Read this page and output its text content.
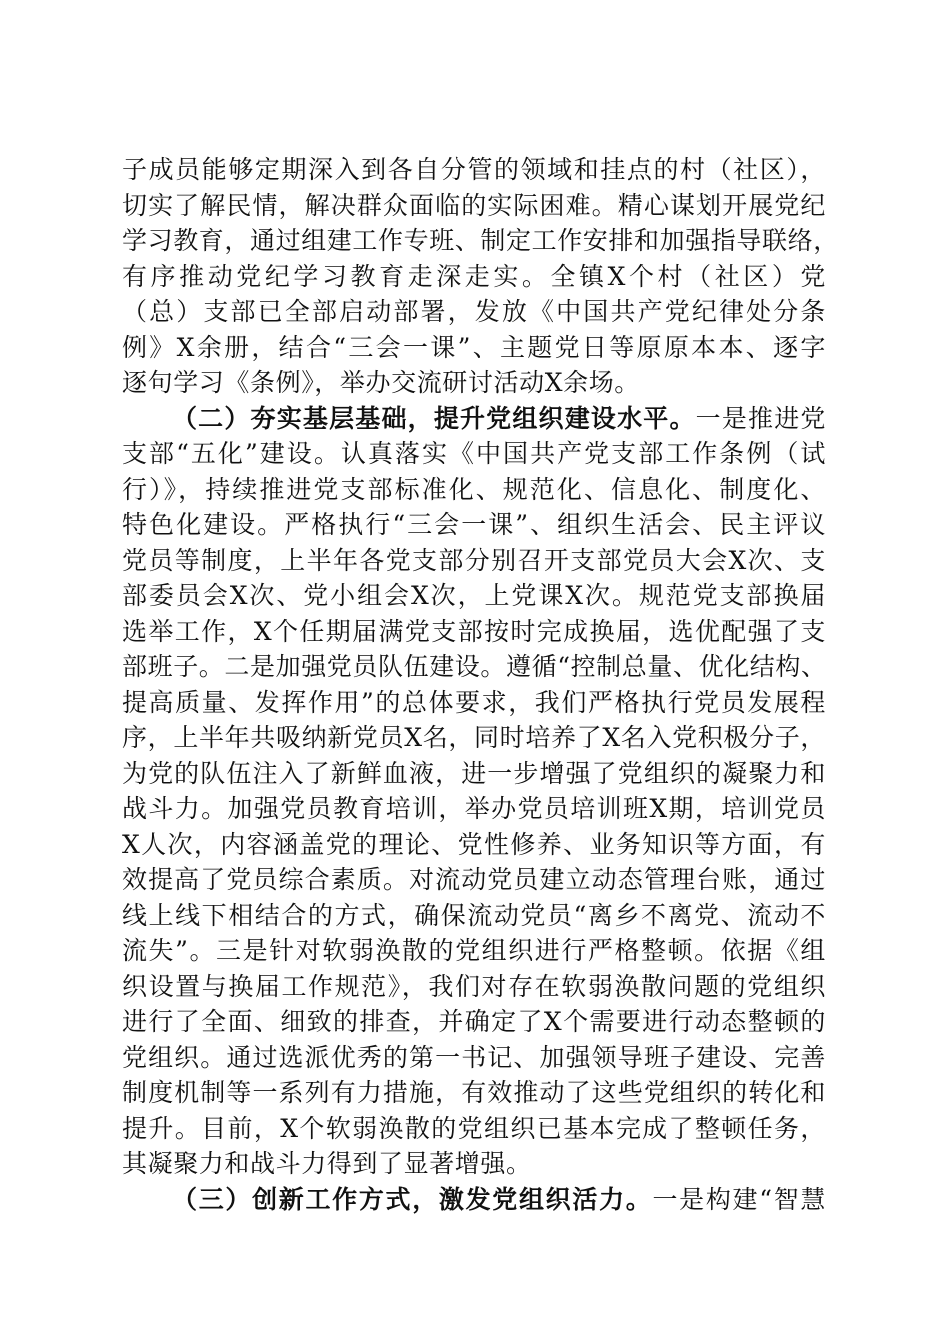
子成员能够定期深入到各自分管的领域和挂点的村（社区），
切实了解民情，解决群众面临的实际困难。精心谋划开展党纪
学习教育，通过组建工作专班、制定工作安排和加强指导联络，
有序推动党纪学习教育走深走实。全镇X个村（社区）党
（总）支部已全部启动部署，发放《中国共产党纪律处分条
例》X余册，结合“三会一课”、主题党日等原原本本、逐字
逐句学习《条例》，举办交流研讨活动X余场。
（二）夯实基层基础，提升党组织建设水平。一是推进党
支部“五化”建设。认真落实《中国共产党支部工作条例（试
行）》，持续推进党支部标准化、规范化、信息化、制度化、
特色化建设。严格执行“三会一课”、组织生活会、民主评议
党员等制度，上半年各党支部分别召开支部党员大会X次、支
部委员会X次、党小组会X次，上党课X次。规范党支部换届
选举工作，X个任期届满党支部按时完成换届，选优配强了支
部班子。二是加强党员队伍建设。遵循“控制总量、优化结构、
提高质量、发挥作用”的总体要求，我们严格执行党员发展程
序，上半年共吸纳新党员X名，同时培养了X名入党积极分子，
为党的队伍注入了新鲜血液，进一步增强了党组织的凝聚力和
战斗力。加强党员教育培训，举办党员培训班X期，培训党员
X人次，内容涵盖党的理论、党性修养、业务知识等方面，有
效提高了党员综合素质。对流动党员建立动态管理台账，通过
线上线下相结合的方式，确保流动党员“离乡不离党、流动不
流失”。三是针对软弱涣散的党组织进行严格整顿。依据《组
织设置与换届工作规范》，我们对存在软弱涣散问题的党组织
进行了全面、细致的排查，并确定了X个需要进行动态整顿的
党组织。通过选派优秀的第一书记、加强领导班子建设、完善
制度机制等一系列有力措施，有效推动了这些党组织的转化和
提升。目前，X个软弱涣散的党组织已基本完成了整顿任务，
其凝聚力和战斗力得到了显著增强。
（三）创新工作方式，激发党组织活力。一是构建“智慧
